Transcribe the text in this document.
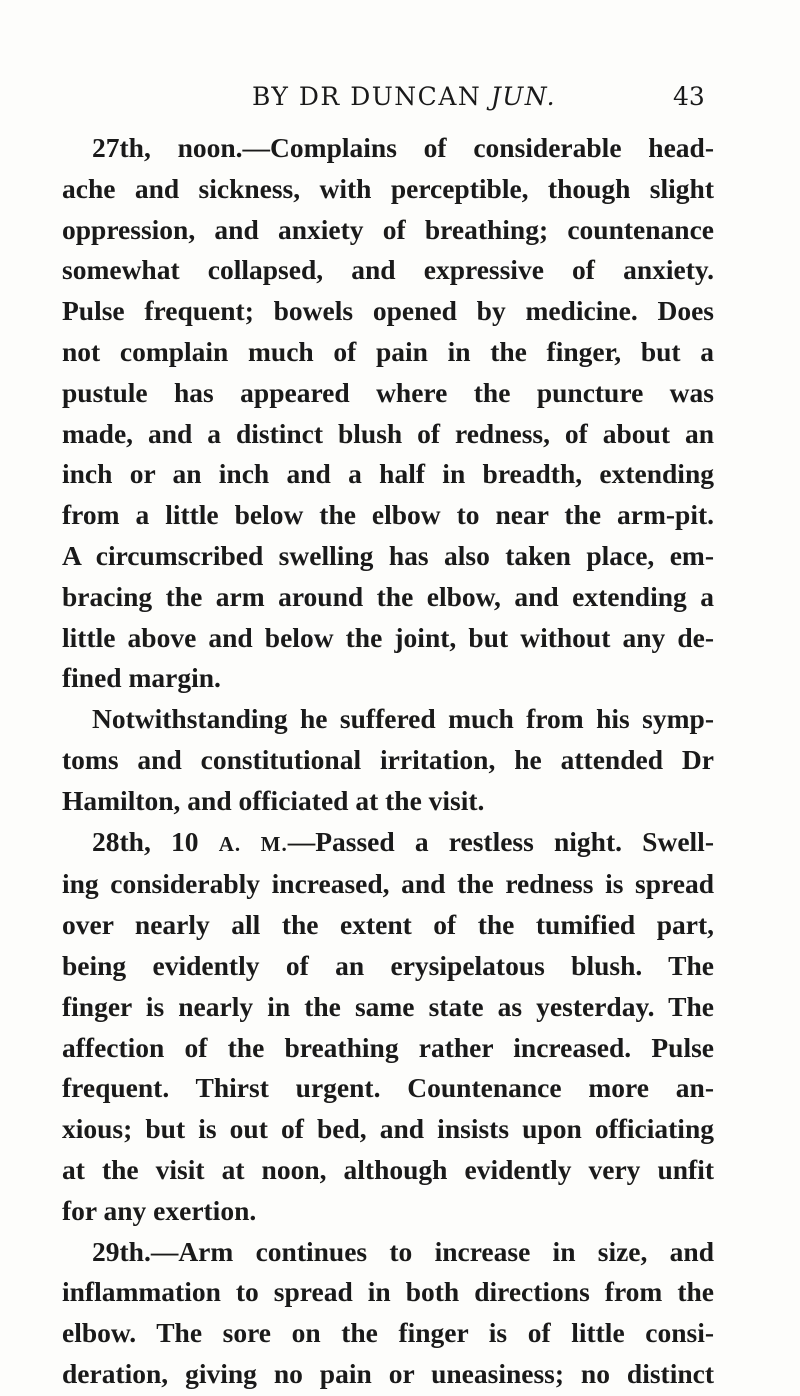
BY DR DUNCAN JUN.	43
27th, noon.—Complains of considerable head-
ache and sickness, with perceptible, though slight
oppression, and anxiety of breathing; countenance
somewhat collapsed, and expressive of anxiety.
Pulse frequent; bowels opened by medicine. Does
not complain much of pain in the finger, but a
pustule has appeared where the puncture was
made, and a distinct blush of redness, of about an
inch or an inch and a half in breadth, extending
from a little below the elbow to near the arm-pit.
A circumscribed swelling has also taken place, em-
bracing the arm around the elbow, and extending a
little above and below the joint, but without any de-
fined margin.
Notwithstanding he suffered much from his symp-
toms and constitutional irritation, he attended Dr
Hamilton, and officiated at the visit.
28th, 10 A. M.—Passed a restless night. Swell-
ing considerably increased, and the redness is spread
over nearly all the extent of the tumified part,
being evidently of an erysipelatous blush. The
finger is nearly in the same state as yesterday. The
affection of the breathing rather increased. Pulse
frequent. Thirst urgent. Countenance more an-
xious; but is out of bed, and insists upon officiating
at the visit at noon, although evidently very unfit
for any exertion.
29th.—Arm continues to increase in size, and
inflammation to spread in both directions from the
elbow. The sore on the finger is of little consi-
deration, giving no pain or uneasiness; no distinct
